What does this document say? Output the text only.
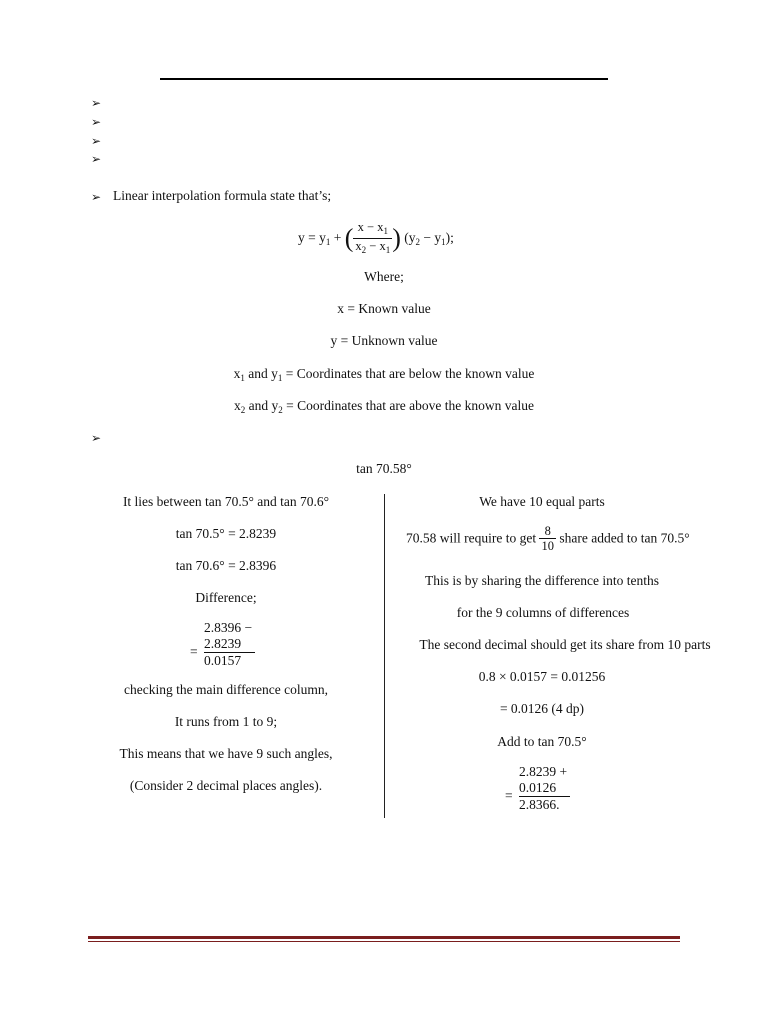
➢
➢
➢
➢
➢ Linear interpolation formula state that’s;
$y = y_1$ + ( $\frac{x - x_1}{x_2 - x_1}$ ) $(y_2 - y_1)$;
Where;
x = Known value
y = Unknown value
$x_1$ and $y_1$ = Coordinates that are below the known value
$x_2$ and $y_2$ = Coordinates that are above the known value
➢
tan 70.58°
It lies between tan 70.5° and tan 70.6°
tan 70.5° = 2.8239
tan 70.6° = 2.8396
Difference;
2.8396 −
= $\frac{2.8239}{0.0157}$
checking the main difference column,
It runs from 1 to 9;
This means that we have 9 such angles,
(Consider 2 decimal places angles).
We have 10 equal parts
70.58 will require to get $\frac{8}{10}$ share added to tan 70.5°
This is by sharing the difference into tenths
for the 9 columns of differences
The second decimal should get its share from 10 parts
0.8 × 0.0157 = 0.01256
= 0.0126 (4 dp)
Add to tan 70.5°
2.8239 +
= $\frac{0.0126}{2.8366.}$
